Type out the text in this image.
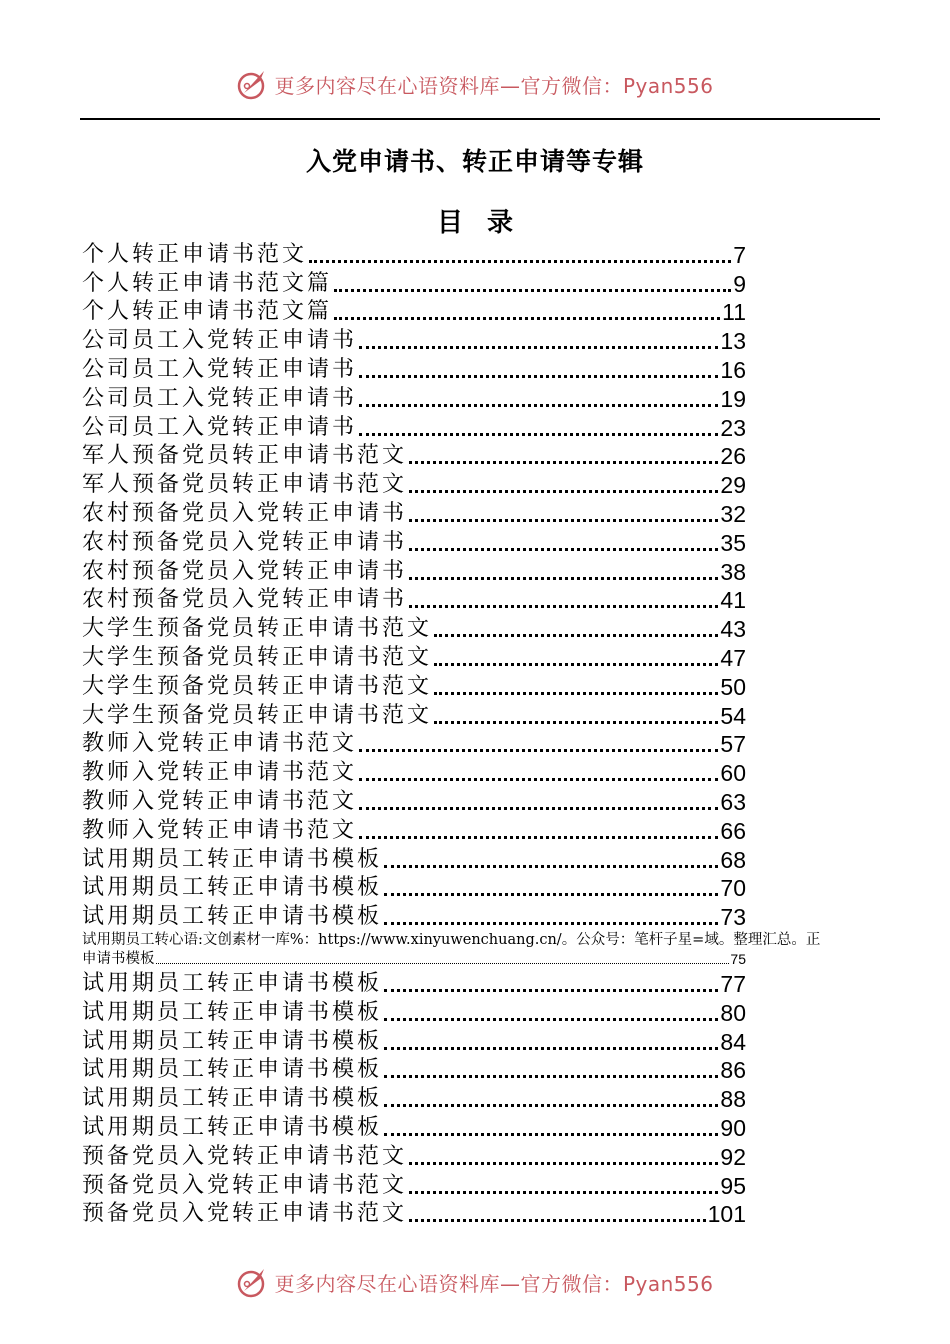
更多内容尽在心语资料库—官方微信：Pyan556
入党申请书、转正申请等专辑
目录
个人转正申请书范文	7
个人转正申请书范文篇	9
个人转正申请书范文篇	11
公司员工入党转正申请书	13
公司员工入党转正申请书	16
公司员工入党转正申请书	19
公司员工入党转正申请书	23
军人预备党员转正申请书范文	26
军人预备党员转正申请书范文	29
农村预备党员入党转正申请书	32
农村预备党员入党转正申请书	35
农村预备党员入党转正申请书	38
农村预备党员入党转正申请书	41
大学生预备党员转正申请书范文	43
大学生预备党员转正申请书范文	47
大学生预备党员转正申请书范文	50
大学生预备党员转正申请书范文	54
教师入党转正申请书范文	57
教师入党转正申请书范文	60
教师入党转正申请书范文	63
教师入党转正申请书范文	66
试用期员工转正申请书模板	68
试用期员工转正申请书模板	70
试用期员工转正申请书模板	73
试用期员工转心语:文创素材一库%：https://www.xinyuwenchuang.cn/。公众号：笔杆子星=域。整理汇总。正
申请书模板	75
试用期员工转正申请书模板	77
试用期员工转正申请书模板	80
试用期员工转正申请书模板	84
试用期员工转正申请书模板	86
试用期员工转正申请书模板	88
试用期员工转正申请书模板	90
预备党员入党转正申请书范文	92
预备党员入党转正申请书范文	95
预备党员入党转正申请书范文	101
更多内容尽在心语资料库—官方微信：Pyan556
